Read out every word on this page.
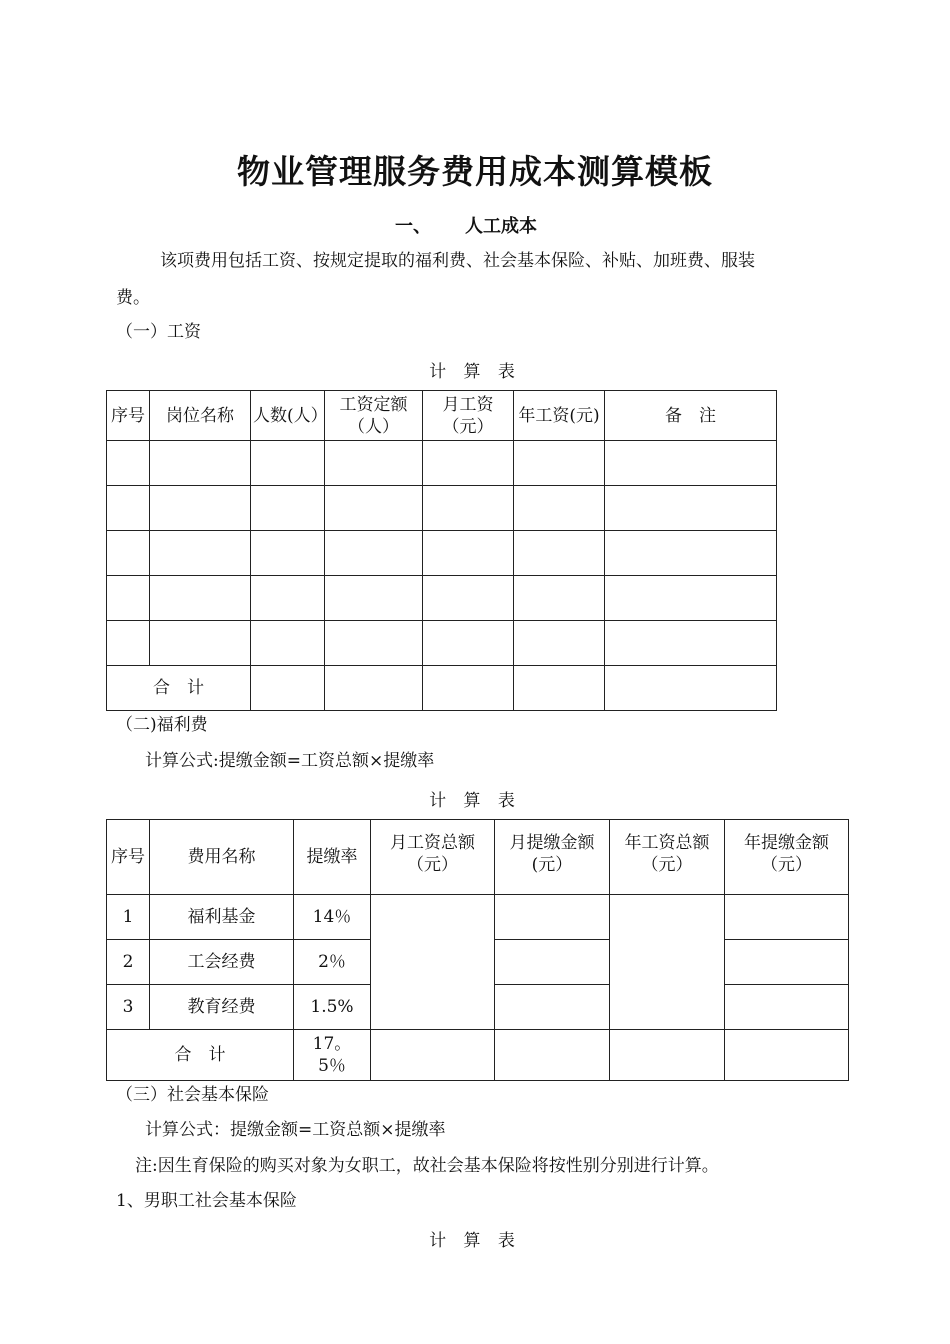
物业管理服务费用成本测算模板
一、 人工成本
该项费用包括工资、按规定提取的福利费、社会基本保险、补贴、加班费、服装
费。
（一）工资
计 算 表
序号	岗位名称	人数(人）	工资定额（人）	月工资（元）	年工资(元)	备　注

合　计						
（二)福利费
计算公式:提缴金额=工资总额×提缴率
计 算 表
序号	费用名称	提缴率	月工资总额（元）	月提缴金额(元）	年工资总额（元）	年提缴金额（元）
1	福利基金	14％				
2	工会经费	2％				
3	教育经费	1.5%				
合　计		17。5％				
（三）社会基本保险
计算公式：提缴金额=工资总额×提缴率
注:因生育保险的购买对象为女职工，故社会基本保险将按性别分别进行计算。
1、男职工社会基本保险
计 算 表
